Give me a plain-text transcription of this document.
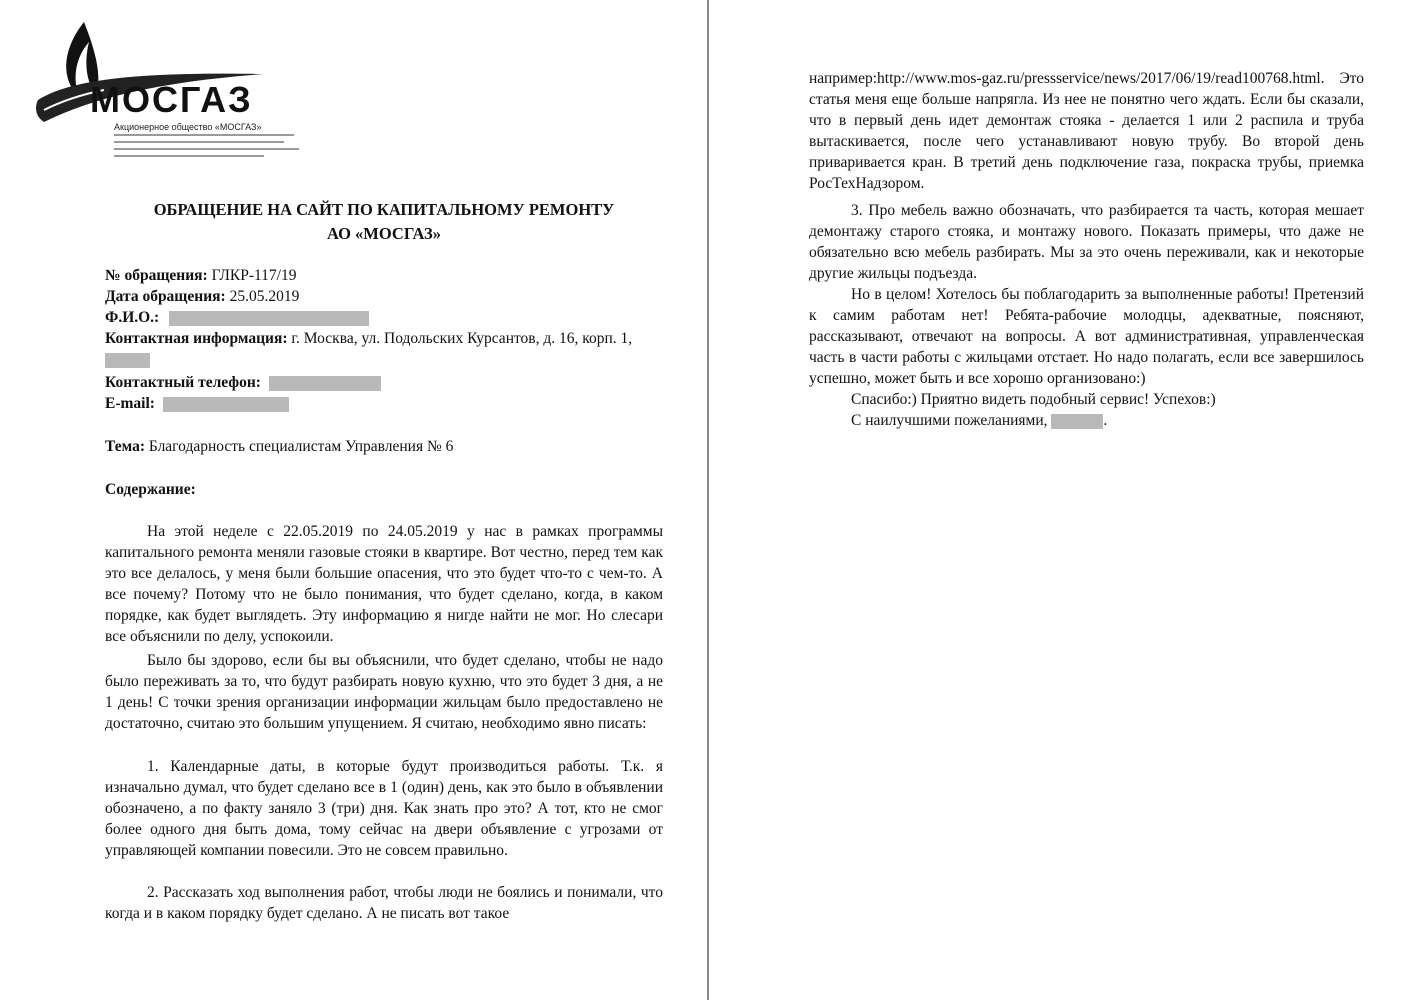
МОСГАЗ
Акционерное общество «МОСГАЗ»
ОБРАЩЕНИЕ НА САЙТ ПО КАПИТАЛЬНОМУ РЕМОНТУ
АО «МОСГАЗ»
№ обращения: ГЛКР-117/19
Дата обращения: 25.05.2019
Ф.И.О.:
Контактная информация: г. Москва, ул. Подольских Курсантов, д. 16, корп. 1,
Контактный телефон:
E-mail:
Тема: Благодарность специалистам Управления № 6
Содержание:

На этой неделе с 22.05.2019 по 24.05.2019 у нас в рамках программы капитального ремонта меняли газовые стояки в квартире. Вот честно, перед тем как это все делалось, у меня были большие опасения, что это будет что-то с чем-то. А все почему? Потому что не было понимания, что будет сделано, когда, в каком порядке, как будет выглядеть. Эту информацию я нигде найти не мог. Но слесари все объяснили по делу, успокоили.

Было бы здорово, если бы вы объяснили, что будет сделано, чтобы не надо было переживать за то, что будут разбирать новую кухню, что это будет 3 дня, а не 1 день! С точки зрения организации информации жильцам было предоставлено не достаточно, считаю это большим упущением. Я считаю, необходимо явно писать:

1. Календарные даты, в которые будут производиться работы. Т.к. я изначально думал, что будет сделано все в 1 (один) день, как это было в объявлении обозначено, а по факту заняло 3 (три) дня. Как знать про это? А тот, кто не смог более одного дня быть дома, тому сейчас на двери объявление с угрозами от управляющей компании повесили. Это не совсем правильно.

2. Рассказать ход выполнения работ, чтобы люди не боялись и понимали, что когда и в каком порядку будет сделано. А не писать вот такое

например:http://www.mos-gaz.ru/pressservice/news/2017/06/19/read100768.html. Это статья меня еще больше напрягла. Из нее не понятно чего ждать. Если бы сказали, что в первый день идет демонтаж стояка - делается 1 или 2 распила и труба вытаскивается, после чего устанавливают новую трубу. Во второй день приваривается кран. В третий день подключение газа, покраска трубы, приемка РосТехНадзором.

3. Про мебель важно обозначать, что разбирается та часть, которая мешает демонтажу старого стояка, и монтажу нового. Показать примеры, что даже не обязательно всю мебель разбирать. Мы за это очень переживали, как и некоторые другие жильцы подъезда.

Но в целом! Хотелось бы поблагодарить за выполненные работы! Претензий к самим работам нет! Ребята-рабочие молодцы, адекватные, поясняют, рассказывают, отвечают на вопросы. А вот административная, управленческая часть в части работы с жильцами отстает. Но надо полагать, если все завершилось успешно, может быть и все хорошо организовано:)

Спасибо:) Приятно видеть подобный сервис! Успехов:)

С наилучшими пожеланиями,	.
